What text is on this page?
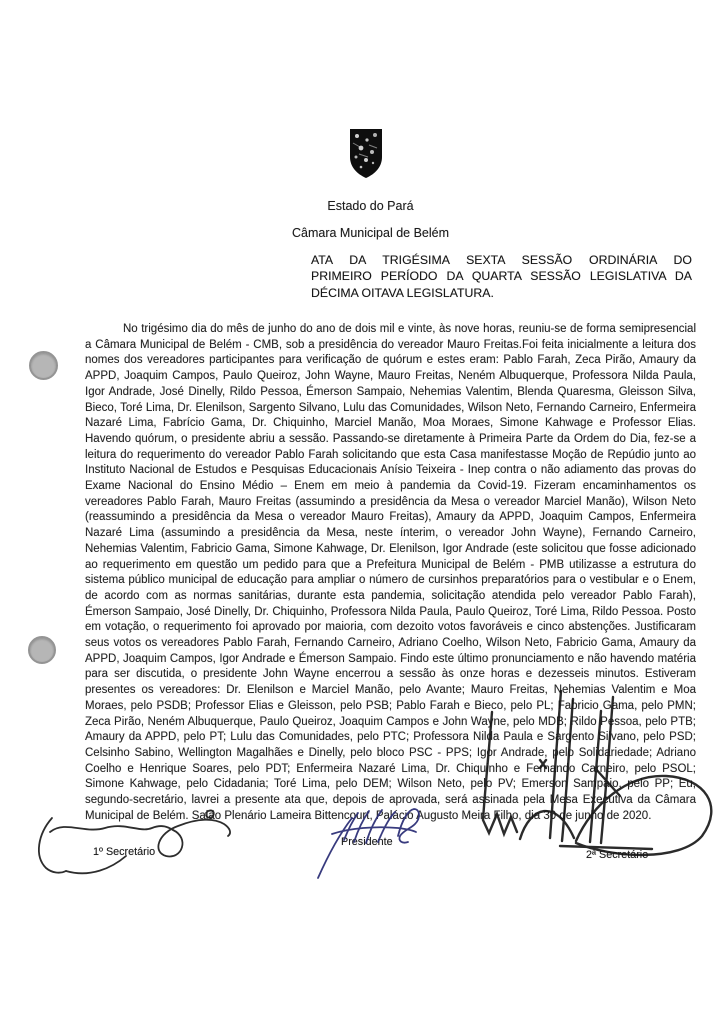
Estado do Pará
Câmara Municipal de Belém
ATA DA TRIGÉSIMA SEXTA SESSÃO ORDINÁRIA DO
PRIMEIRO PERÍODO DA QUARTA SESSÃO LEGISLATIVA DA
DÉCIMA OITAVA LEGISLATURA.
No trigésimo dia do mês de junho do ano de dois mil e vinte, às nove horas, reuniu-se de forma semipresencial a Câmara Municipal de Belém - CMB, sob a presidência do vereador Mauro Freitas.Foi feita inicialmente a leitura dos nomes dos vereadores participantes para verificação de quórum e estes eram: Pablo Farah, Zeca Pirão, Amaury da APPD, Joaquim Campos, Paulo Queiroz, John Wayne, Mauro Freitas, Neném Albuquerque, Professora Nilda Paula, Igor Andrade, José Dinelly, Rildo Pessoa, Émerson Sampaio, Nehemias Valentim, Blenda Quaresma, Gleisson Silva, Bieco, Toré Lima, Dr. Elenilson, Sargento Silvano, Lulu das Comunidades, Wilson Neto, Fernando Carneiro, Enfermeira Nazaré Lima, Fabrício Gama, Dr. Chiquinho, Marciel Manão, Moa Moraes, Simone Kahwage e Professor Elias. Havendo quórum, o presidente abriu a sessão. Passando-se diretamente à Primeira Parte da Ordem do Dia, fez-se a leitura do requerimento do vereador Pablo Farah solicitando que esta Casa manifestasse Moção de Repúdio junto ao Instituto Nacional de Estudos e Pesquisas Educacionais Anísio Teixeira - Inep contra o não adiamento das provas do Exame Nacional do Ensino Médio – Enem em meio à pandemia da Covid-19. Fizeram encaminhamentos os vereadores Pablo Farah, Mauro Freitas (assumindo a presidência da Mesa o vereador Marciel Manão), Wilson Neto (reassumindo a presidência da Mesa o vereador Mauro Freitas), Amaury da APPD, Joaquim Campos, Enfermeira Nazaré Lima (assumindo a presidência da Mesa, neste ínterim, o vereador John Wayne), Fernando Carneiro, Nehemias Valentim, Fabricio Gama, Simone Kahwage, Dr. Elenilson, Igor Andrade (este solicitou que fosse adicionado ao requerimento em questão um pedido para que a Prefeitura Municipal de Belém - PMB utilizasse a estrutura do sistema público municipal de educação para ampliar o número de cursinhos preparatórios para o vestibular e o Enem, de acordo com as normas sanitárias, durante esta pandemia, solicitação atendida pelo vereador Pablo Farah), Émerson Sampaio, José Dinelly, Dr. Chiquinho, Professora Nilda Paula, Paulo Queiroz, Toré Lima, Rildo Pessoa. Posto em votação, o requerimento foi aprovado por maioria, com dezoito votos favoráveis e cinco abstenções. Justificaram seus votos os vereadores Pablo Farah, Fernando Carneiro, Adriano Coelho, Wilson Neto, Fabricio Gama, Amaury da APPD, Joaquim Campos, Igor Andrade e Émerson Sampaio. Findo este último pronunciamento e não havendo matéria para ser discutida, o presidente John Wayne encerrou a sessão às onze horas e dezesseis minutos. Estiveram presentes os vereadores: Dr. Elenilson e Marciel Manão, pelo Avante; Mauro Freitas, Nehemias Valentim e Moa Moraes, pelo PSDB; Professor Elias e Gleisson, pelo PSB; Pablo Farah e Bieco, pelo PL; Fabricio Gama, pelo PMN; Zeca Pirão, Neném Albuquerque, Paulo Queiroz, Joaquim Campos e John Wayne, pelo MDB; Rildo Pessoa, pelo PTB; Amaury da APPD, pelo PT; Lulu das Comunidades, pelo PTC; Professora Nilda Paula e Sargento Silvano, pelo PSD; Celsinho Sabino, Wellington Magalhães e Dinelly, pelo bloco PSC - PPS; Igor Andrade, pelo Solidariedade; Adriano Coelho e Henrique Soares, pelo PDT; Enfermeira Nazaré Lima, Dr. Chiquinho e Fernando Carneiro, pelo PSOL; Simone Kahwage, pelo Cidadania; Toré Lima, pelo DEM; Wilson Neto, pelo PV; Emerson Sampaio, pelo PP; Eu, segundo-secretário, lavrei a presente ata que, depois de aprovada, será assinada pela Mesa Executiva da Câmara Municipal de Belém. Salão Plenário Lameira Bittencourt, Palácio Augusto Meira Filho, dia 30 de junho de 2020.
1º Secretário
Presidente
2ª Secretário
